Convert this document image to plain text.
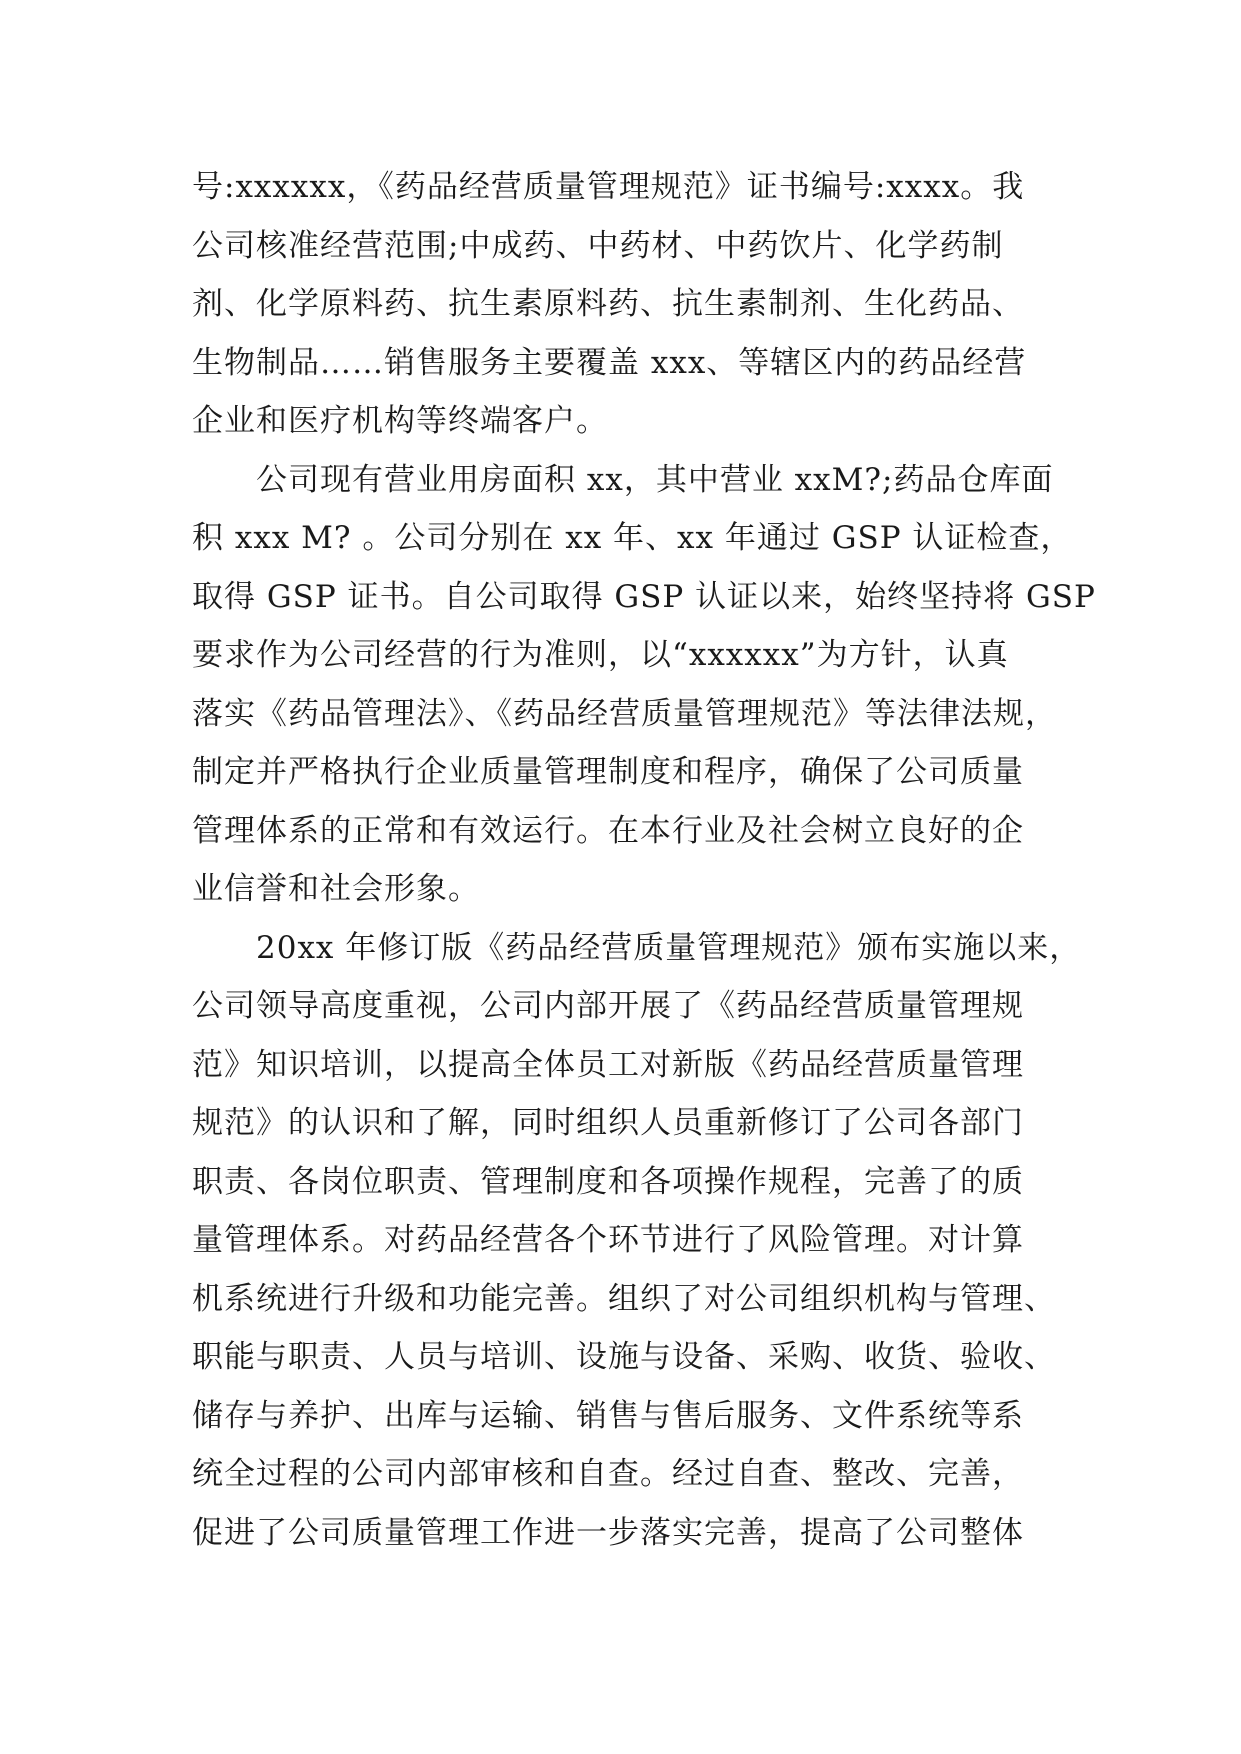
号:xxxxxx，《药品经营质量管理规范》证书编号:xxxx。我
公司核准经营范围;中成药、中药材、中药饮片、化学药制
剂、化学原料药、抗生素原料药、抗生素制剂、生化药品、
生物制品……销售服务主要覆盖 xxx、等辖区内的药品经营
企业和医疗机构等终端客户。
公司现有营业用房面积 xx，其中营业 xxM?;药品仓库面
积 xxx M? 。公司分别在 xx 年、xx 年通过 GSP 认证检查，
取得 GSP 证书。自公司取得 GSP 认证以来，始终坚持将 GSP
要求作为公司经营的行为准则，以“xxxxxx”为方针，认真
落实《药品管理法》、《药品经营质量管理规范》等法律法规，
制定并严格执行企业质量管理制度和程序，确保了公司质量
管理体系的正常和有效运行。在本行业及社会树立良好的企
业信誉和社会形象。
20xx 年修订版《药品经营质量管理规范》颁布实施以来，
公司领导高度重视，公司内部开展了《药品经营质量管理规
范》知识培训，以提高全体员工对新版《药品经营质量管理
规范》的认识和了解，同时组织人员重新修订了公司各部门
职责、各岗位职责、管理制度和各项操作规程，完善了的质
量管理体系。对药品经营各个环节进行了风险管理。对计算
机系统进行升级和功能完善。组织了对公司组织机构与管理、
职能与职责、人员与培训、设施与设备、采购、收货、验收、
储存与养护、出库与运输、销售与售后服务、文件系统等系
统全过程的公司内部审核和自查。经过自查、整改、完善，
促进了公司质量管理工作进一步落实完善，提高了公司整体
